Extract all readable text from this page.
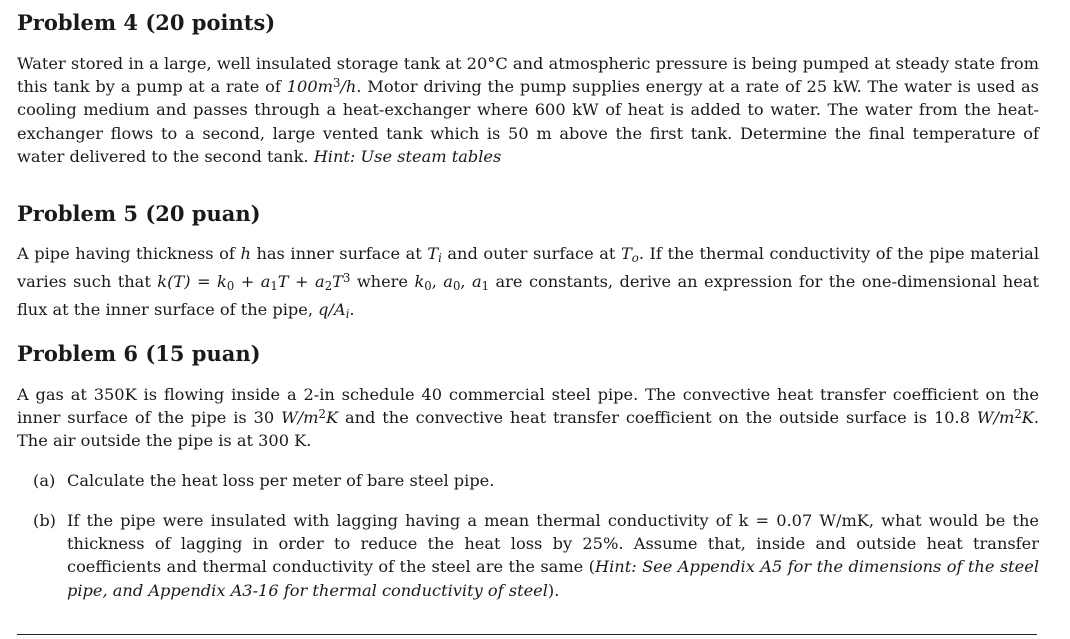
Problem 4 (20 points)

Water stored in a large, well insulated storage tank at 20°C and atmospheric pressure is being pumped at steady state from this tank by a pump at a rate of $100m^3/h$. Motor driving the pump supplies energy at a rate of 25 kW. The water is used as cooling medium and passes through a heat-exchanger where 600 kW of heat is added to water. The water from the heat-exchanger flows to a second, large vented tank which is 50 m above the first tank. Determine the final temperature of water delivered to the second tank. Hint: Use steam tables

Problem 5 (20 puan)

A pipe having thickness of h has inner surface at $T_i$ and outer surface at $T_o$. If the thermal conductivity of the pipe material varies such that $k(T) = k_0 + a_1T + a_2T^3$ where $k_0$, $a_0$, $a_1$ are constants, derive an expression for the one-dimensional heat flux at the inner surface of the pipe, $q/A_i$.

Problem 6 (15 puan)

A gas at 350K is flowing inside a 2-in schedule 40 commercial steel pipe. The convective heat transfer coefficient on the inner surface of the pipe is 30 $W/m^2K$ and the convective heat transfer coefficient on the outside surface is 10.8 $W/m^2K$. The air outside the pipe is at 300 K.

(a) Calculate the heat loss per meter of bare steel pipe.
(b) If the pipe were insulated with lagging having a mean thermal conductivity of k = 0.07 W/mK, what would be the thickness of lagging in order to reduce the heat loss by 25%. Assume that, inside and outside heat transfer coefficients and thermal conductivity of the steel are the same (Hint: See Appendix A5 for the dimensions of the steel pipe, and Appendix A3-16 for thermal conductivity of steel).
